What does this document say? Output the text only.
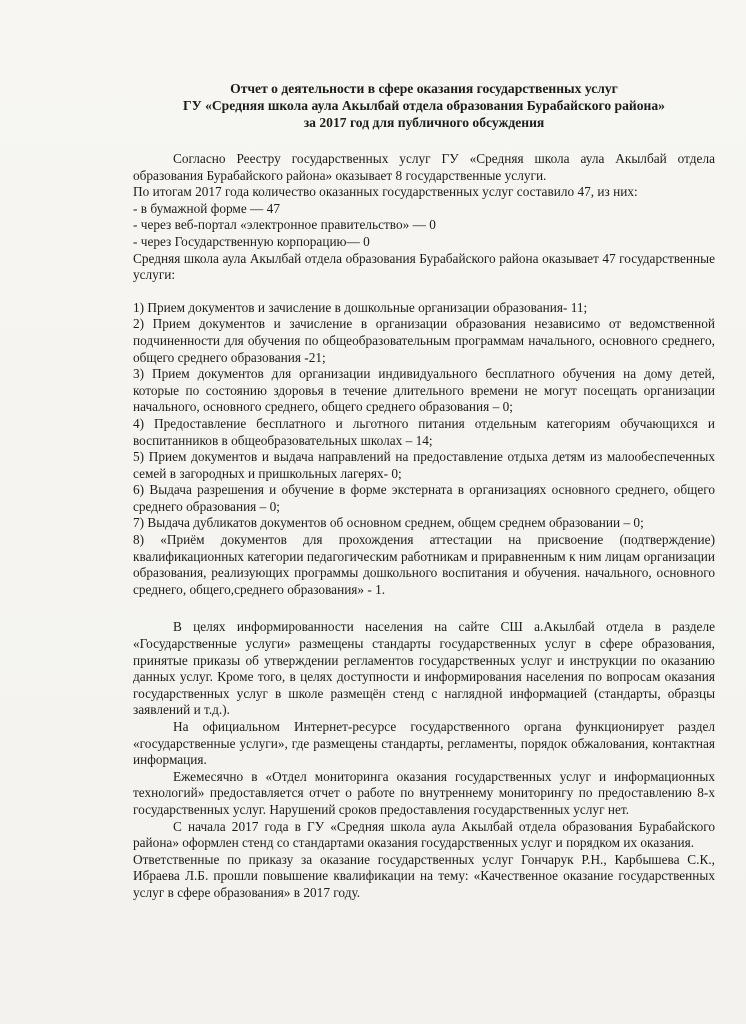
Отчет о деятельности в сфере оказания государственных услуг
ГУ «Средняя школа аула Акылбай отдела образования Бурабайского района»
за 2017 год для публичного обсуждения

Согласно Реестру государственных услуг ГУ «Средняя школа аула Акылбай отдела образования Бурабайского района» оказывает 8 государственные услуги.

По итогам 2017 года количество оказанных государственных услуг составило 47, из них:

- в бумажной форме — 47

- через веб-портал «электронное правительство» — 0

- через Государственную корпорацию— 0

Средняя школа аула Акылбай отдела образования Бурабайского района оказывает 47 государственные услуги:

1) Прием документов и зачисление в дошкольные организации образования- 11;

2) Прием документов и зачисление в организации образования независимо от ведомственной подчиненности для обучения по общеобразовательным программам начального, основного среднего, общего среднего образования -21;

3) Прием документов для организации индивидуального бесплатного обучения на дому детей, которые по состоянию здоровья в течение длительного времени не могут посещать организации начального, основного среднего, общего среднего образования – 0;

4) Предоставление бесплатного и льготного питания отдельным категориям обучающихся и воспитанников в общеобразовательных школах – 14;

5) Прием документов и выдача направлений на предоставление отдыха детям из малообеспеченных семей в загородных и пришкольных лагерях- 0;

6) Выдача разрешения и обучение в форме экстерната в организациях основного среднего, общего среднего образования – 0;

7) Выдача дубликатов документов об основном среднем, общем среднем образовании – 0;

8) «Приём документов для прохождения аттестации на присвоение (подтверждение) квалификационных категории педагогическим работникам и приравненным к ним лицам организации образования, реализующих программы дошкольного воспитания и обучения. начального, основного среднего, общего,среднего образования» - 1.

В целях информированности населения на сайте СШ а.Акылбай отдела в разделе «Государственные услуги» размещены стандарты государственных услуг в сфере образования, принятые приказы об утверждении регламентов государственных услуг и инструкции по оказанию данных услуг. Кроме того, в целях доступности и информирования населения по вопросам оказания государственных услуг в школе размещён стенд с наглядной информацией (стандарты, образцы заявлений и т.д.).

На официальном Интернет-ресурсе государственного органа функционирует раздел «государственные услуги», где размещены стандарты, регламенты, порядок обжалования, контактная информация.

Ежемесячно в «Отдел мониторинга оказания государственных услуг и информационных технологий» предоставляется отчет о работе по внутреннему мониторингу по предоставлению 8-х государственных услуг. Нарушений сроков предоставления государственных услуг нет.

С начала 2017 года в ГУ «Средняя школа аула Акылбай отдела образования Бурабайского района» оформлен стенд со стандартами оказания государственных услуг и порядком их оказания.

Ответственные по приказу за оказание государственных услуг Гончарук Р.Н., Карбышева С.К., Ибраева Л.Б. прошли повышение квалификации на тему: «Качественное оказание государственных услуг в сфере образования» в 2017 году.
